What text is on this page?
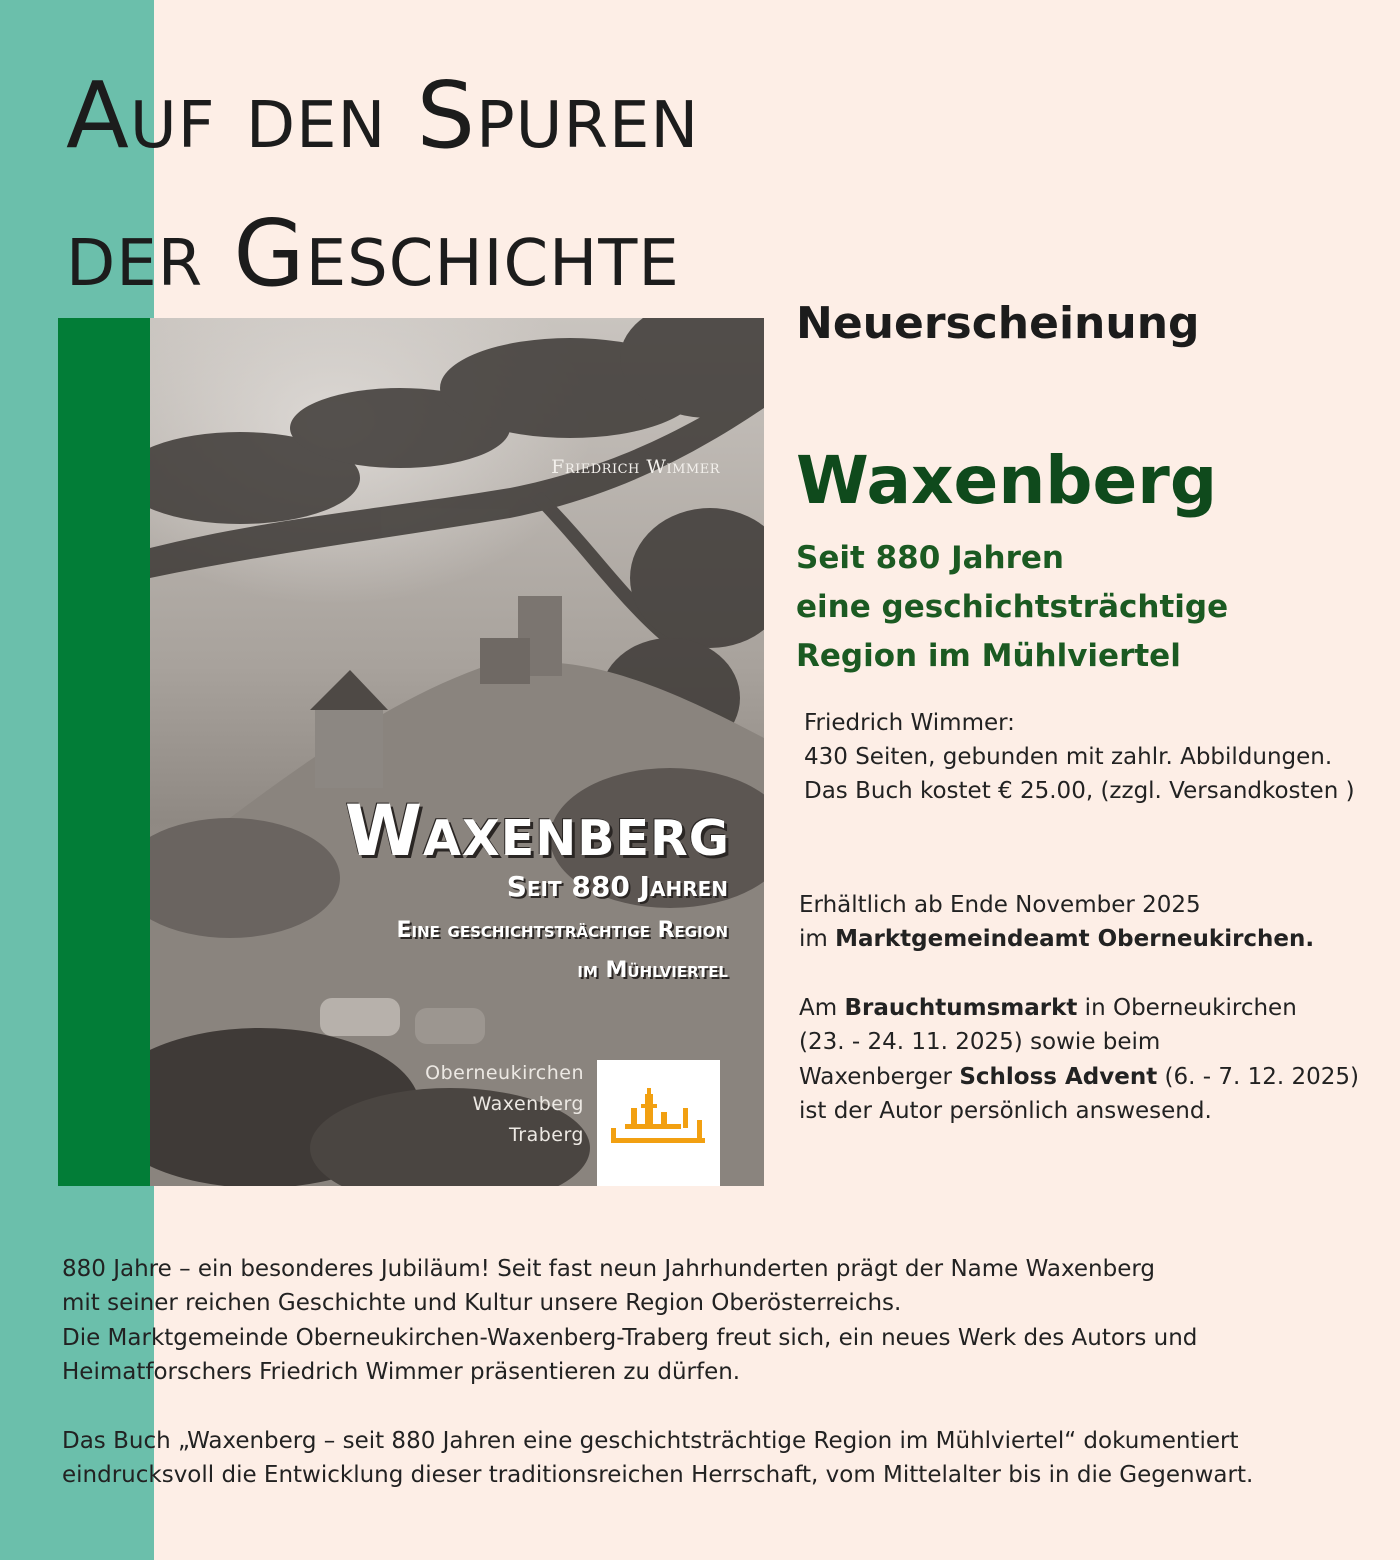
Auf den Spuren
der Geschichte
Friedrich Wimmer
Waxenberg

Seit 880 Jahren

Eine geschichtsträchtige Region

im Mühlviertel

Oberneukirchen
Waxenberg
Traberg
Neuerscheinung
Waxenberg

Seit 880 Jahren

eine geschichtsträchtige

Region im Mühlviertel

Friedrich Wimmer:
430 Seiten, gebunden mit zahlr. Abbildungen.
Das Buch kostet € 25.00, (zzgl. Versandkosten )
Erhältlich ab Ende November 2025
im Marktgemeindeamt Oberneukirchen.
Am Brauchtumsmarkt in Oberneukirchen
(23. - 24. 11. 2025) sowie beim
Waxenberger Schloss Advent (6. - 7. 12. 2025)
ist der Autor persönlich answesend.
880 Jahre – ein besonderes Jubiläum! Seit fast neun Jahrhunderten prägt der Name Waxenberg
mit seiner reichen Geschichte und Kultur unsere Region Oberösterreichs.
Die Marktgemeinde Oberneukirchen-Waxenberg-Traberg freut sich, ein neues Werk des Autors und
Heimatforschers Friedrich Wimmer präsentieren zu dürfen.
Das Buch „Waxenberg – seit 880 Jahren eine geschichtsträchtige Region im Mühlviertel“ dokumentiert
eindrucksvoll die Entwicklung dieser traditionsreichen Herrschaft, vom Mittelalter bis in die Gegenwart.
